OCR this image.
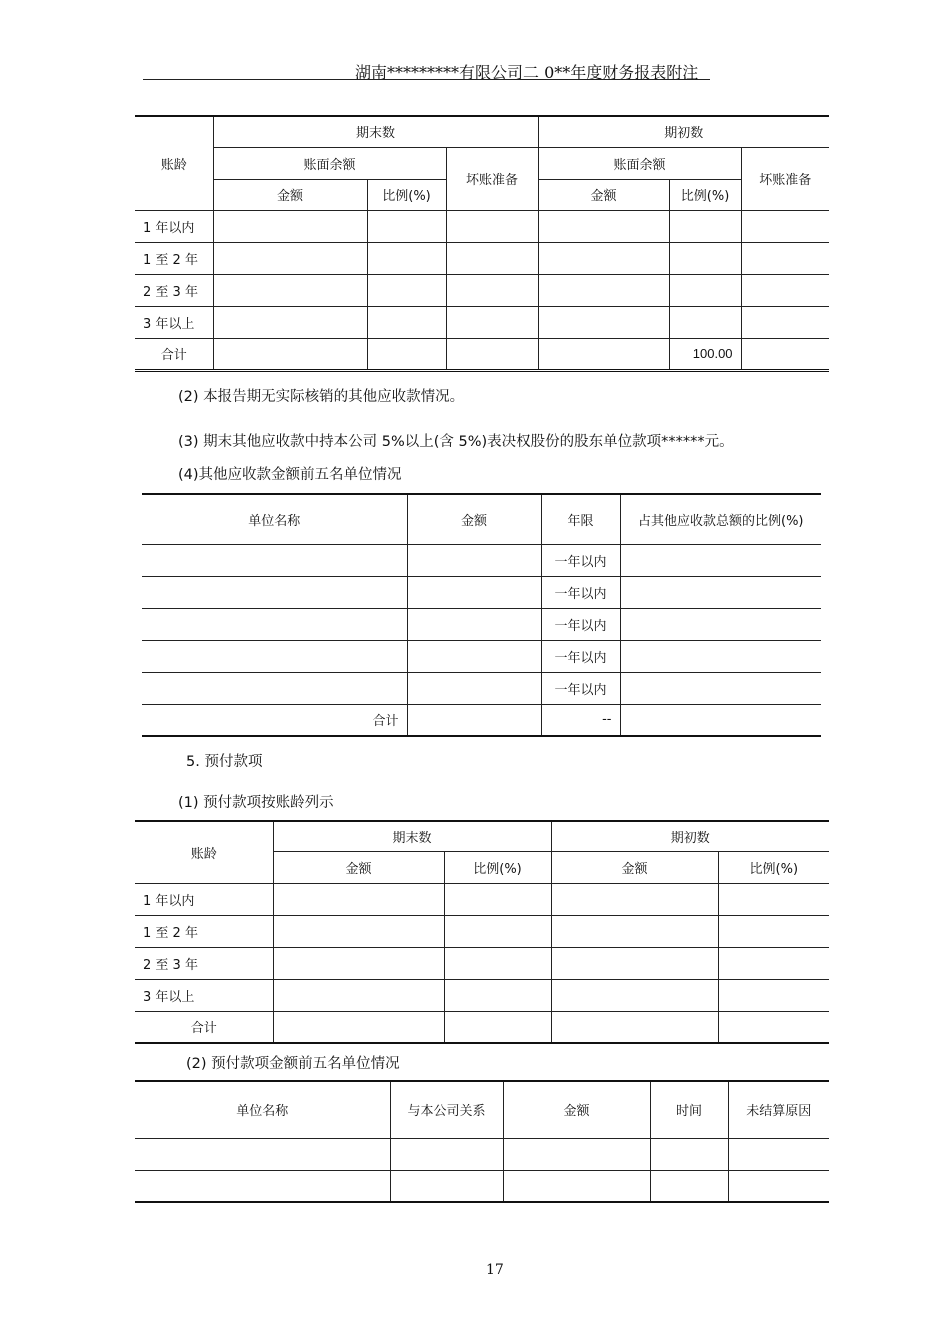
湖南*********有限公司二 0**年度财务报表附注
账龄	期末数			期初数		
	账面余额		坏账准备	账面余额		坏账准备
	金额	比例(%)		金额	比例(%)	
1 年以内						
1 至 2 年						
2 至 3 年						
3 年以上						
合计					100.00	
(2) 本报告期无实际核销的其他应收款情况。
(3) 期末其他应收款中持本公司 5%以上(含 5%)表决权股份的股东单位款项******元。
(4)其他应收款金额前五名单位情况
单位名称	金额	年限	占其他应收款总额的比例(%)
		一年以内	
		一年以内	
		一年以内	
		一年以内	
		一年以内	
合计		--	
5. 预付款项
(1) 预付款项按账龄列示
账龄	期末数		期初数	
	金额	比例(%)	金额	比例(%)
1 年以内				
1 至 2 年				
2 至 3 年				
3 年以上				
合计				
(2) 预付款项金额前五名单位情况
单位名称	与本公司关系	金额	时间	未结算原因

17
